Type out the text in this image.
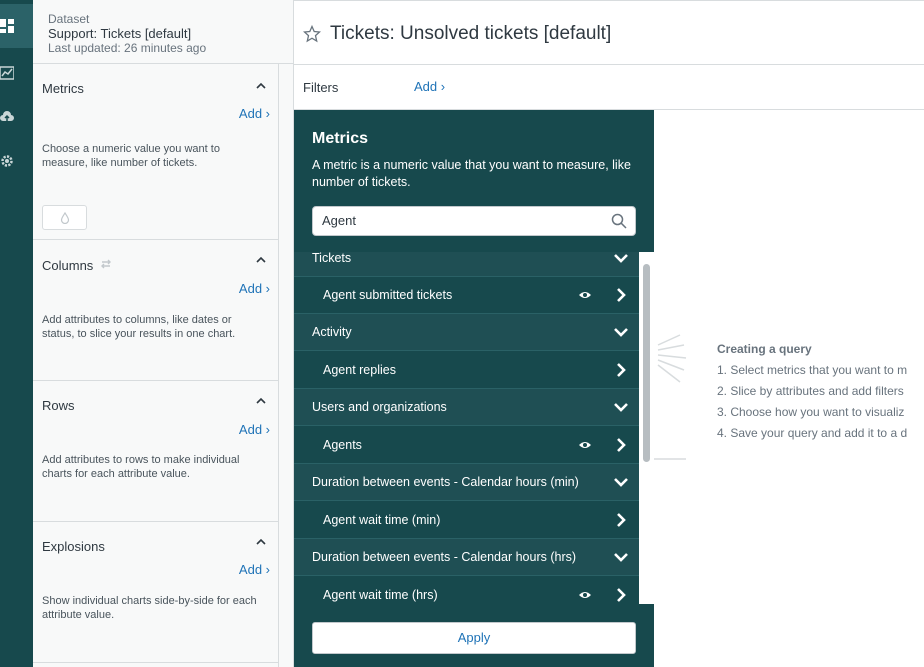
Dataset
Support: Tickets [default]
Last updated: 26 minutes ago
Metrics
Add ›
Choose a numeric value you want to measure, like number of tickets.
Columns
Add ›
Add attributes to columns, like dates or status, to slice your results in one chart.
Rows
Add ›
Add attributes to rows to make individual charts for each attribute value.
Explosions
Add ›
Show individual charts side-by-side for each attribute value.
Tickets: Unsolved tickets [default]
Filters	Add ›
Creating a query
1. Select metrics that you want to m
2. Slice by attributes and add filters
3. Choose how you want to visualiz
4. Save your query and add it to a d
Metrics
A metric is a numeric value that you want to measure, like number of tickets.
Agent
Tickets
Agent submitted tickets
Activity
Agent replies
Users and organizations
Agents
Duration between events - Calendar hours (min)
Agent wait time (min)
Duration between events - Calendar hours (hrs)
Agent wait time (hrs)
Apply
